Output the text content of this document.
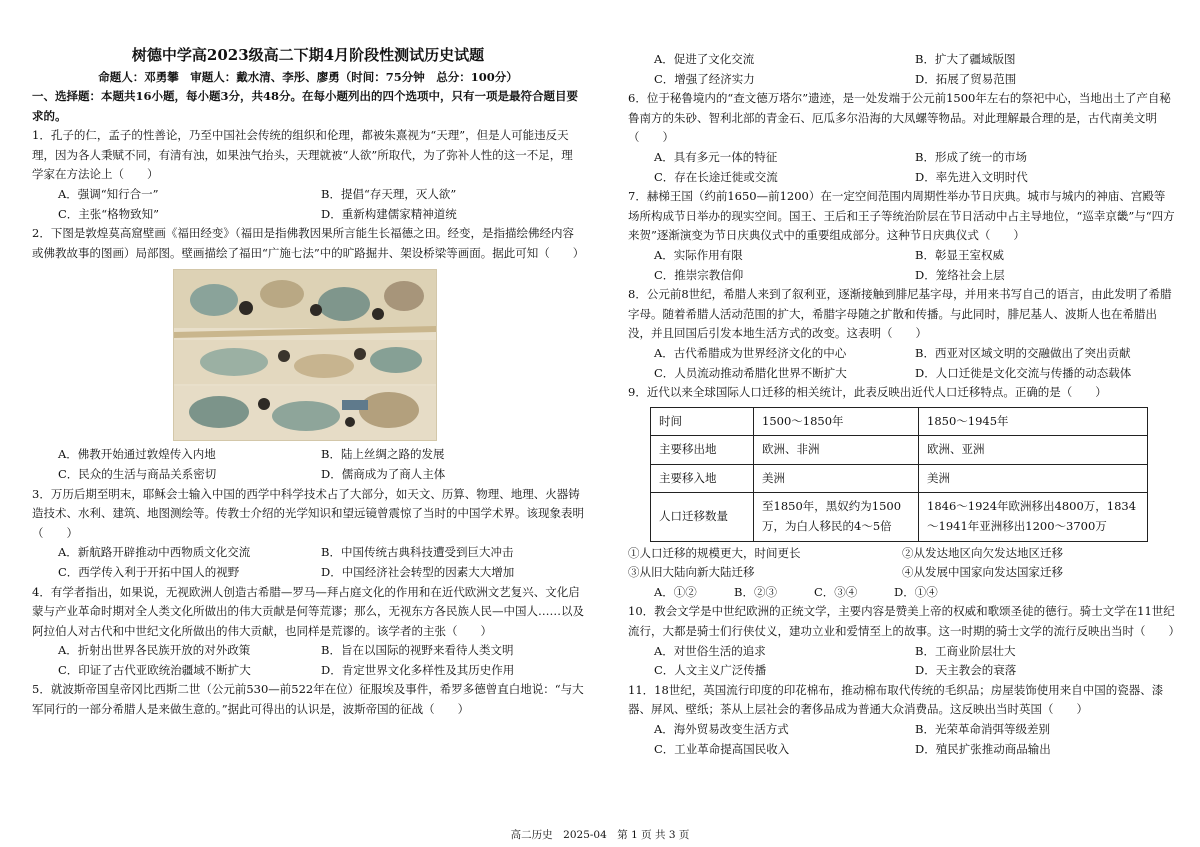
树德中学高2023级高二下期4月阶段性测试历史试题
命题人：邓勇攀　审题人：戴水清、李彤、廖勇（时间：75分钟　总分：100分）

一、选择题：本题共16小题，每小题3分，共48分。在每小题列出的四个选项中，只有一项是最符合题目要求的。

1．孔子的仁，孟子的性善论，乃至中国社会传统的组织和伦理，都被朱熹视为“天理”，但是人可能违反天理，因为各人秉赋不同，有清有浊，如果浊气抬头，天理就被“人欲”所取代，为了弥补人性的这一不足，理学家在方法论上（　　）

A．强调“知行合一”	B．提倡“存天理，灭人欲”
C．主张“格物致知”	D．重新构建儒家精神道统

2．下图是敦煌莫高窟壁画《福田经变》（福田是指佛教因果所言能生长福德之田。经变，是指描绘佛经内容或佛教故事的图画）局部图。壁画描绘了福田“广施七法”中的旷路掘井、架设桥梁等画面。据此可知（　　）

A．佛教开始通过敦煌传入内地	B．陆上丝绸之路的发展
C．民众的生活与商品关系密切	D．儒商成为了商人主体

3．万历后期至明末，耶稣会士输入中国的西学中科学技术占了大部分，如天文、历算、物理、地理、火器铸造技术、水利、建筑、地图测绘等。传教士介绍的光学知识和望远镜曾震惊了当时的中国学术界。该现象表明（　　）

A．新航路开辟推动中西物质文化交流	B．中国传统古典科技遭受到巨大冲击
C．西学传入利于开拓中国人的视野	D．中国经济社会转型的因素大大增加

4．有学者指出，如果说，无视欧洲人创造古希腊—罗马—拜占庭文化的作用和在近代欧洲文艺复兴、文化启蒙与产业革命时期对全人类文化所做出的伟大贡献是何等荒谬；那么，无视东方各民族人民—中国人……以及阿拉伯人对古代和中世纪文化所做出的伟大贡献，也同样是荒谬的。该学者的主张（　　）

A．折射出世界各民族开放的对外政策	B．旨在以国际的视野来看待人类文明
C．印证了古代亚欧统治疆域不断扩大	D．肯定世界文化多样性及其历史作用

5．就波斯帝国皇帝冈比西斯二世（公元前530—前522年在位）征服埃及事件，希罗多德曾直白地说：“与大军同行的一部分希腊人是来做生意的。”据此可得出的认识是，波斯帝国的征战（　　）

A．促进了文化交流	B．扩大了疆域版图
C．增强了经济实力	D．拓展了贸易范围

6．位于秘鲁境内的“查文德万塔尔”遗迹，是一处发端于公元前1500年左右的祭祀中心，当地出土了产自秘鲁南方的朱砂、智利北部的青金石、厄瓜多尔沿海的大凤螺等物品。对此理解最合理的是，古代南美文明（　　）

A．具有多元一体的特征	B．形成了统一的市场
C．存在长途迁徙或交流	D．率先进入文明时代

7．赫梯王国（约前1650—前1200）在一定空间范围内周期性举办节日庆典。城市与城内的神庙、宫殿等场所构成节日举办的现实空间。国王、王后和王子等统治阶层在节日活动中占主导地位，“巡幸京畿”与“四方来贺”逐渐演变为节日庆典仪式中的重要组成部分。这种节日庆典仪式（　　）

A．实际作用有限	B．彰显王室权威
C．推崇宗教信仰	D．笼络社会上层

8．公元前8世纪，希腊人来到了叙利亚，逐渐接触到腓尼基字母，并用来书写自己的语言，由此发明了希腊字母。随着希腊人活动范围的扩大，希腊字母随之扩散和传播。与此同时，腓尼基人、波斯人也在希腊出没，并且回国后引发本地生活方式的改变。这表明（　　）

A．古代希腊成为世界经济文化的中心	B．西亚对区域文明的交融做出了突出贡献
C．人员流动推动希腊化世界不断扩大	D．人口迁徙是文化交流与传播的动态载体

9．近代以来全球国际人口迁移的相关统计，此表反映出近代人口迁移特点。正确的是（　　）

时间	1500～1850年	1850～1945年
主要移出地	欧洲、非洲	欧洲、亚洲
主要移入地	美洲	美洲
人口迁移数量	至1850年，黑奴约为1500万，为白人移民的4～5倍	1846～1924年欧洲移出4800万，1834～1941年亚洲移出1200～3700万
①人口迁移的规模更大，时间更长	②从发达地区向欠发达地区迁移
③从旧大陆向新大陆迁移	④从发展中国家向发达国家迁移
A．①②	B．②③	C．③④	D．①④

10．教会文学是中世纪欧洲的正统文学，主要内容是赞美上帝的权威和歌颂圣徒的德行。骑士文学在11世纪流行，大都是骑士们行侠仗义，建功立业和爱情至上的故事。这一时期的骑士文学的流行反映出当时（　　）

A．对世俗生活的追求	B．工商业阶层壮大
C．人文主义广泛传播	D．天主教会的衰落

11．18世纪，英国流行印度的印花棉布，推动棉布取代传统的毛织品；房屋装饰使用来自中国的瓷器、漆器、屏风、壁纸；茶从上层社会的奢侈品成为普通大众消费品。这反映出当时英国（　　）

A．海外贸易改变生活方式	B．光荣革命消弭等级差别
C．工业革命提高国民收入	D．殖民扩张推动商品输出
高二历史　2025-04　第 1 页 共 3 页
